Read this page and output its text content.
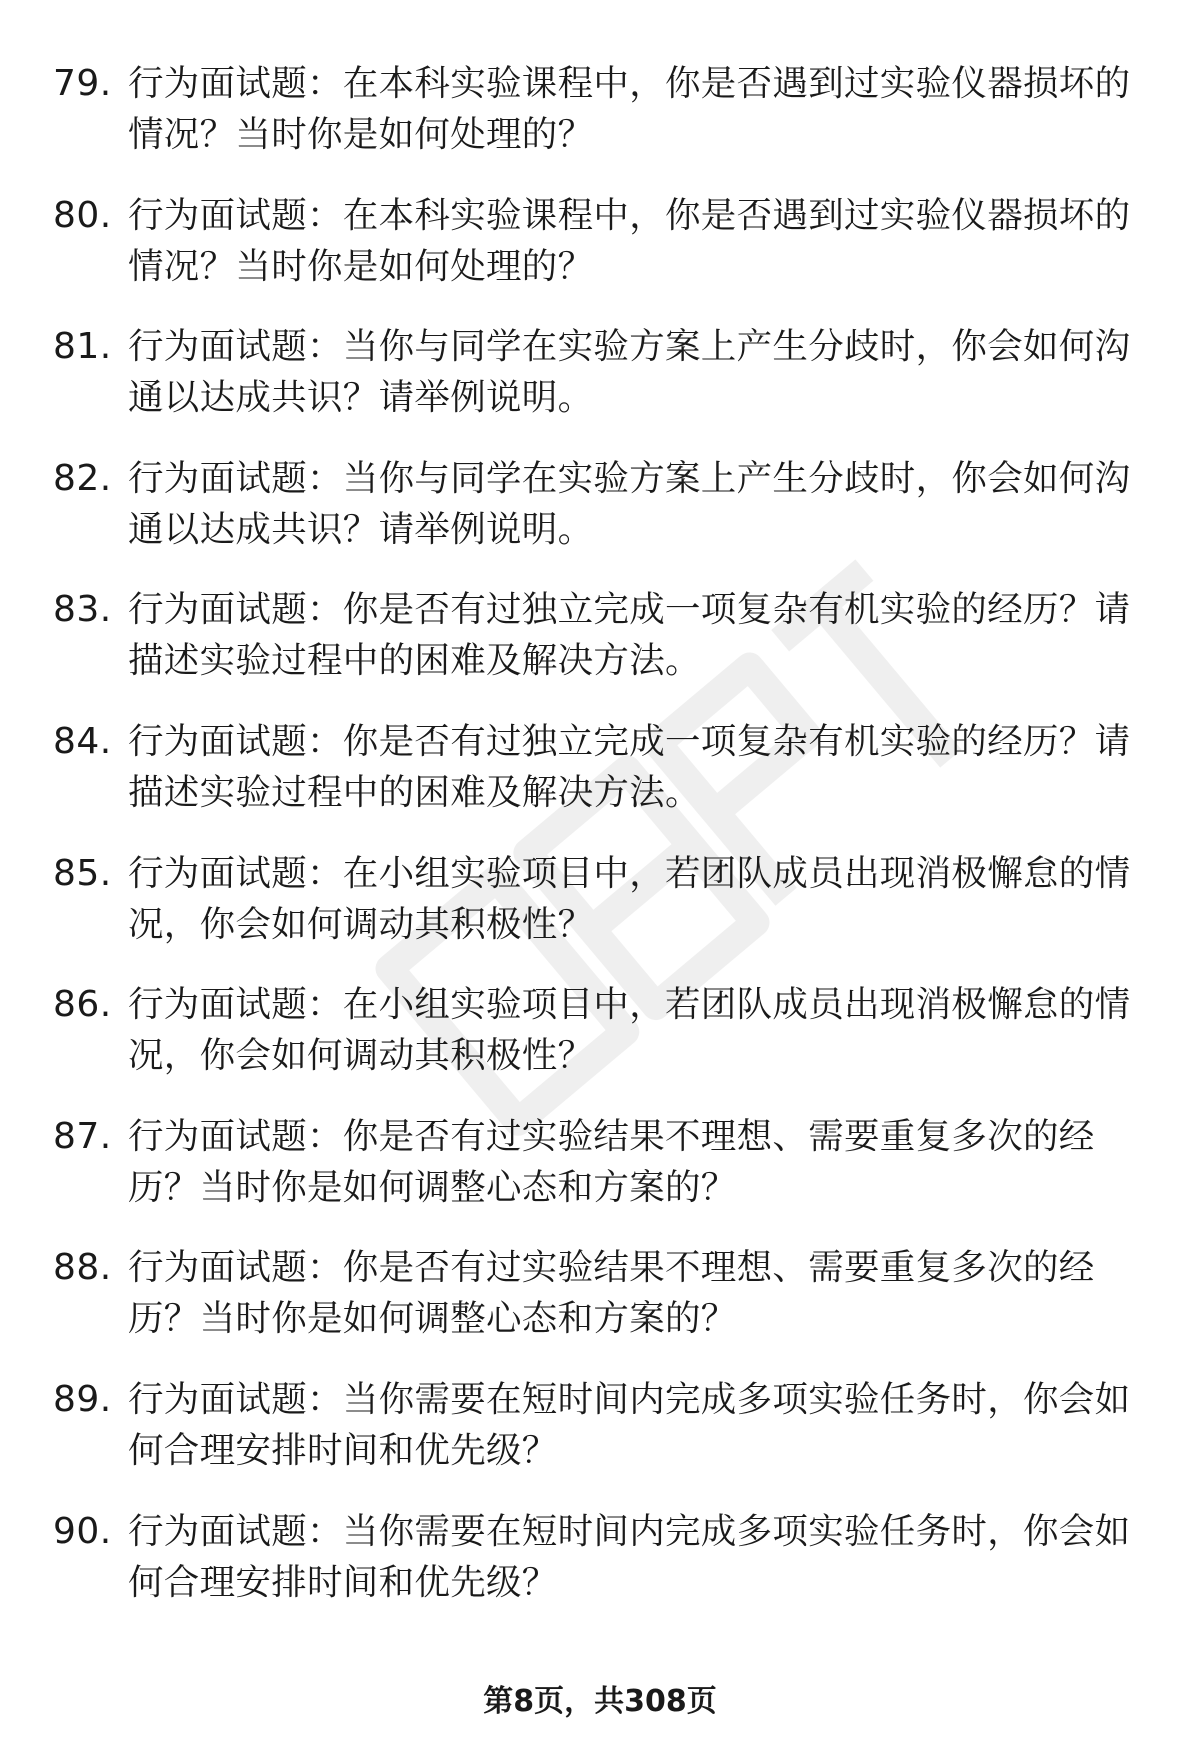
79. 行为面试题：在本科实验课程中，你是否遇到过实验仪器损坏的情况？当时你是如何处理的？
80. 行为面试题：在本科实验课程中，你是否遇到过实验仪器损坏的情况？当时你是如何处理的？
81. 行为面试题：当你与同学在实验方案上产生分歧时，你会如何沟通以达成共识？请举例说明。
82. 行为面试题：当你与同学在实验方案上产生分歧时，你会如何沟通以达成共识？请举例说明。
83. 行为面试题：你是否有过独立完成一项复杂有机实验的经历？请描述实验过程中的困难及解决方法。
84. 行为面试题：你是否有过独立完成一项复杂有机实验的经历？请描述实验过程中的困难及解决方法。
85. 行为面试题：在小组实验项目中，若团队成员出现消极懈怠的情况，你会如何调动其积极性？
86. 行为面试题：在小组实验项目中，若团队成员出现消极懈怠的情况，你会如何调动其积极性？
87. 行为面试题：你是否有过实验结果不理想、需要重复多次的经历？当时你是如何调整心态和方案的？
88. 行为面试题：你是否有过实验结果不理想、需要重复多次的经历？当时你是如何调整心态和方案的？
89. 行为面试题：当你需要在短时间内完成多项实验任务时，你会如何合理安排时间和优先级？
90. 行为面试题：当你需要在短时间内完成多项实验任务时，你会如何合理安排时间和优先级？
第8页，共308页
